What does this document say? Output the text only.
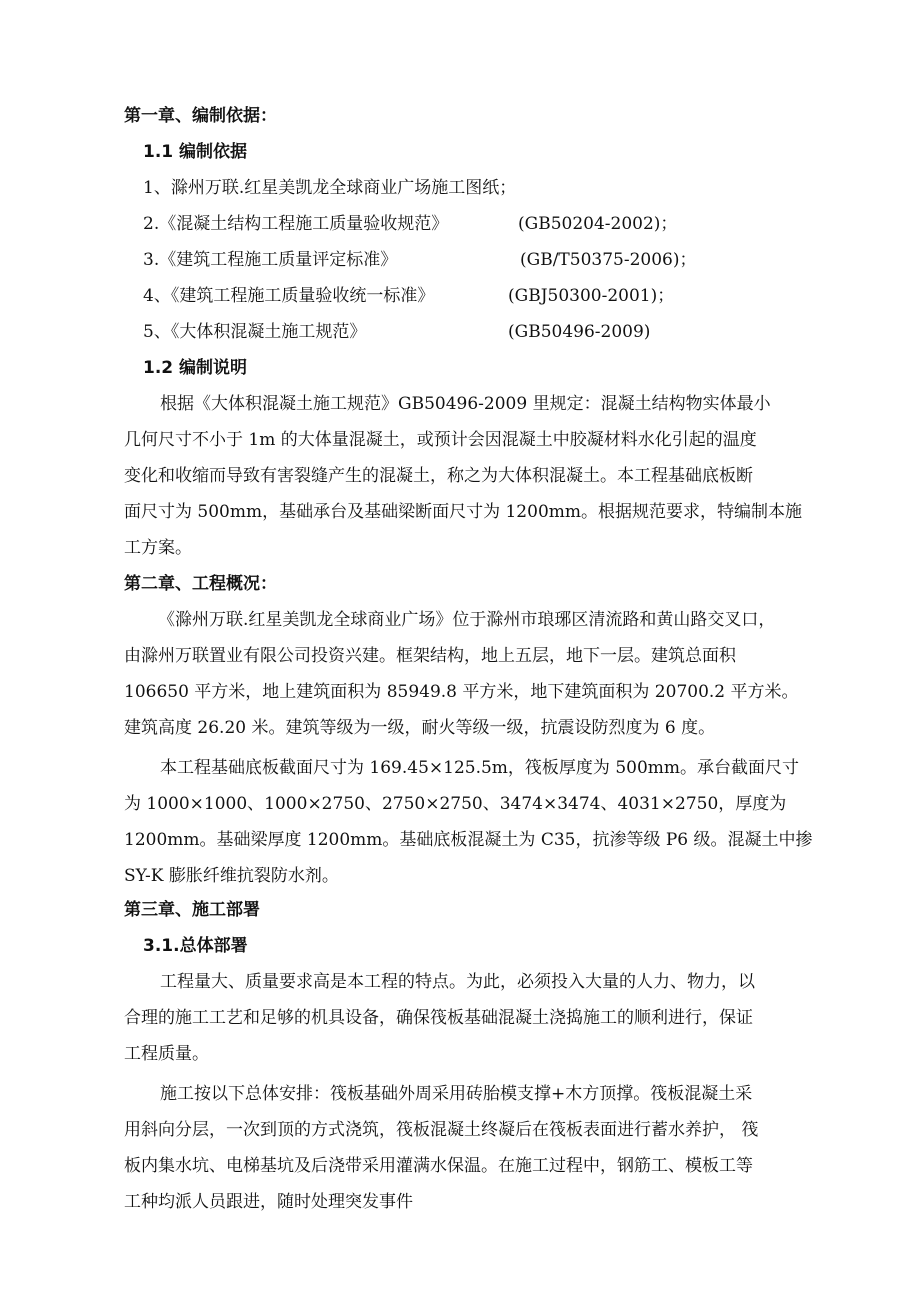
第一章、编制依据：
1.1 编制依据
1、滁州万联.红星美凯龙全球商业广场施工图纸；
2.《混凝土结构工程施工质量验收规范》	(GB50204-2002)；
3.《建筑工程施工质量评定标准》	(GB/T50375-2006)；
4、《建筑工程施工质量验收统一标准》	(GBJ50300-2001)；
5、《大体积混凝土施工规范》	(GB50496-2009)
1.2 编制说明
根据《大体积混凝土施工规范》GB50496-2009 里规定：混凝土结构物实体最小
几何尺寸不小于 1m 的大体量混凝土，或预计会因混凝土中胶凝材料水化引起的温度
变化和收缩而导致有害裂缝产生的混凝土，称之为大体积混凝土。本工程基础底板断
面尺寸为 500mm，基础承台及基础梁断面尺寸为 1200mm。根据规范要求，特编制本施
工方案。
第二章、工程概况：
《滁州万联.红星美凯龙全球商业广场》位于滁州市琅琊区清流路和黄山路交叉口，
由滁州万联置业有限公司投资兴建。框架结构，地上五层，地下一层。建筑总面积
106650 平方米，地上建筑面积为 85949.8 平方米，地下建筑面积为 20700.2 平方米。
建筑高度 26.20 米。建筑等级为一级，耐火等级一级，抗震设防烈度为 6 度。
本工程基础底板截面尺寸为 169.45×125.5m，筏板厚度为 500mm。承台截面尺寸
为 1000×1000、1000×2750、2750×2750、3474×3474、4031×2750，厚度为
1200mm。基础梁厚度 1200mm。基础底板混凝土为 C35，抗渗等级 P6 级。混凝土中掺
SY-K 膨胀纤维抗裂防水剂。
第三章、施工部署
3.1.总体部署
工程量大、质量要求高是本工程的特点。为此，必须投入大量的人力、物力，以
合理的施工工艺和足够的机具设备，确保筏板基础混凝土浇捣施工的顺利进行，保证
工程质量。
施工按以下总体安排：筏板基础外周采用砖胎模支撑+木方顶撑。筏板混凝土采
用斜向分层，一次到顶的方式浇筑，筏板混凝土终凝后在筏板表面进行蓄水养护， 筏
板内集水坑、电梯基坑及后浇带采用灌满水保温。在施工过程中，钢筋工、模板工等
工种均派人员跟进，随时处理突发事件
